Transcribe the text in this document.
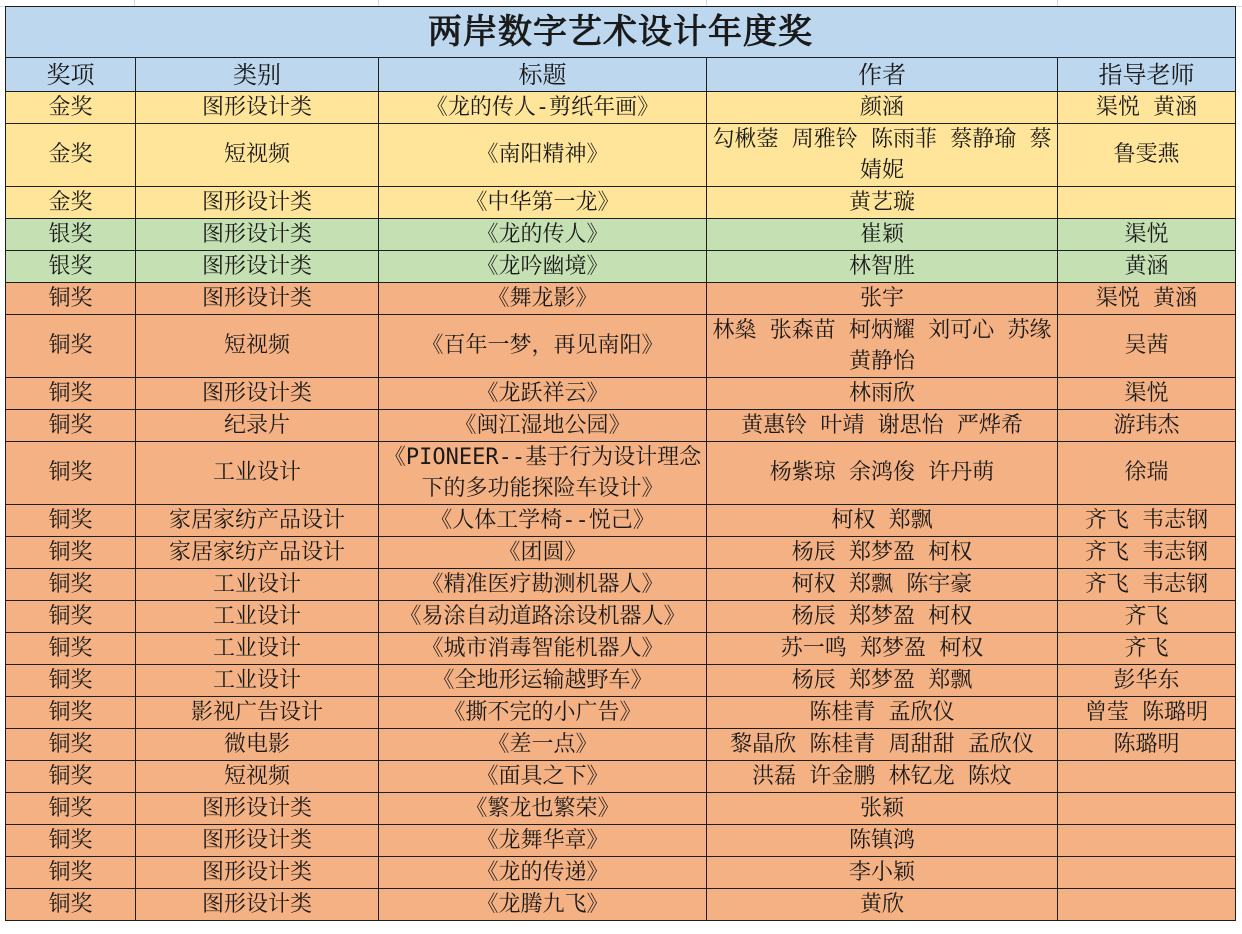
两岸数字艺术设计年度奖				
奖项	类别	标题	作者	指导老师
金奖	图形设计类	《龙的传人-剪纸年画》	颜涵	渠悦 黄涵
金奖	短视频	《南阳精神》	勾楸蓥 周雅铃 陈雨菲 蔡静瑜 蔡婧妮	鲁雯燕
金奖	图形设计类	《中华第一龙》	黄艺璇	
银奖	图形设计类	《龙的传人》	崔颖	渠悦
银奖	图形设计类	《龙吟幽境》	林智胜	黄涵
铜奖	图形设计类	《舞龙影》	张宇	渠悦 黄涵
铜奖	短视频	《百年一梦，再见南阳》	林燊 张森苗 柯炳耀 刘可心 苏缘 黄静怡	吴茜
铜奖	图形设计类	《龙跃祥云》	林雨欣	渠悦
铜奖	纪录片	《闽江湿地公园》	黄惠铃 叶靖 谢思怡 严烨希	游玮杰
铜奖	工业设计	《PIONEER--基于行为设计理念下的多功能探险车设计》	杨紫琼 余鸿俊 许丹萌	徐瑞
铜奖	家居家纺产品设计	《人体工学椅--悦己》	柯权 郑飘	齐飞 韦志钢
铜奖	家居家纺产品设计	《团圆》	杨辰 郑梦盈 柯权	齐飞 韦志钢
铜奖	工业设计	《精准医疗勘测机器人》	柯权 郑飘 陈宇豪	齐飞 韦志钢
铜奖	工业设计	《易涂自动道路涂设机器人》	杨辰 郑梦盈 柯权	齐飞
铜奖	工业设计	《城市消毒智能机器人》	苏一鸣 郑梦盈 柯权	齐飞
铜奖	工业设计	《全地形运输越野车》	杨辰 郑梦盈 郑飘	彭华东
铜奖	影视广告设计	《撕不完的小广告》	陈桂青 孟欣仪	曾莹 陈璐明
铜奖	微电影	《差一点》	黎晶欣 陈桂青 周甜甜 孟欣仪	陈璐明
铜奖	短视频	《面具之下》	洪磊 许金鹏 林钇龙 陈炆	
铜奖	图形设计类	《繁龙也繁荣》	张颖	
铜奖	图形设计类	《龙舞华章》	陈镇鸿	
铜奖	图形设计类	《龙的传递》	李小颖	
铜奖	图形设计类	《龙腾九飞》	黄欣	
